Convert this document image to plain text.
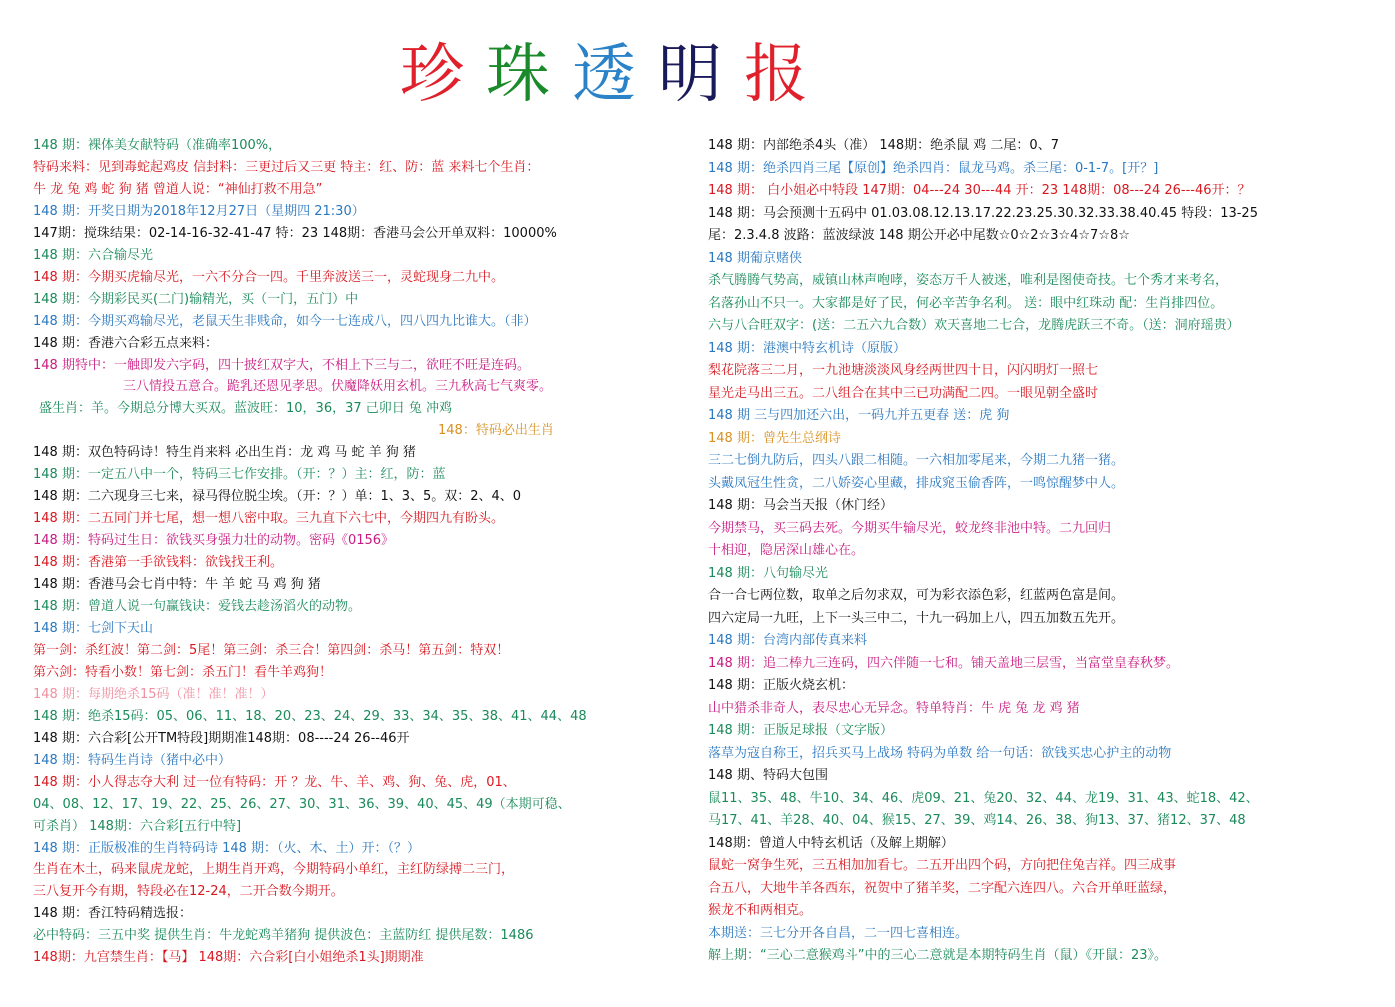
珍 珠 透 明 报
148 期：裸体美女献特码（准确率100%，
特码来料：见到毒蛇起鸡皮 信封料：三更过后又三更 特主：红、防：蓝 来料七个生肖：
牛 龙 兔 鸡 蛇 狗 猪 曾道人说：“神仙打救不用急”
148 期：开奖日期为2018年12月27日（星期四 21:30）
147期：搅珠结果：02-14-16-32-41-47 特：23 148期：香港马会公开单双料：10000%
148 期：六合输尽光
148 期：今期买虎输尽光，一六不分合一四。千里奔波送三一，灵蛇现身二九中。
148 期：今期彩民买(二门)输精光，买（一门，五门）中
148 期：今期买鸡输尽光，老鼠天生非贱命，如今一七连成八，四八四九比谁大。（非）
148 期：香港六合彩五点来料：
148 期特中：一触即发六字码，四十披红双字大，不相上下三与二，欲旺不旺是连码。
三八情投五意合。跪乳还恩见孝思。伏魔降妖用玄机。三九秋高七气爽零。
盛生肖：羊。今期总分博大买双。蓝波旺：10，36，37 己卯日 兔 冲鸡
148：特码必出生肖
148 期：双色特码诗！特生肖来料 必出生肖：龙 鸡 马 蛇 羊 狗 猪
148 期：一定五八中一个，特码三七作安排。（开：？）主：红，防：蓝
148 期：二六现身三七来，禄马得位脱尘埃。（开：？）单：1、3、5。双：2、4、0
148 期：二五同门并七尾，想一想八密中取。三九直下六七中，今期四九有盼头。
148 期：特码过生日：欲钱买身强力壮的动物。密码《0156》
148 期：香港第一手欲钱料：欲钱找王利。
148 期：香港马会七肖中特：牛 羊 蛇 马 鸡 狗 猪
148 期：曾道人说一句赢钱诀：爱钱去趁汤滔火的动物。
148 期：七剑下天山
第一剑：杀红波！第二剑：5尾！第三剑：杀三合！第四剑：杀马！第五剑：特双！
第六剑：特看小数！第七剑：杀五门！看牛羊鸡狗！
148 期：每期绝杀15码（准！准！准！）
148 期：绝杀15码：05、06、11、18、20、23、24、29、33、34、35、38、41、44、48
148 期：六合彩[公开TM特段]期期准148期：08----24 26--46开
148 期：特码生肖诗（猪中必中）
148 期：小人得志夺大利 过一位有特码：开 ？龙、牛、羊、鸡、狗、兔、虎，01、
04、08、12、17、19、22、25、26、27、30、31、36、39、40、45、49（本期可稳、
可杀肖） 148期：六合彩[五行中特]
148 期：正版极准的生肖特码诗 148 期：（火、木、土）开：（？）
生肖在木土，码来鼠虎龙蛇，上期生肖开鸡，今期特码小单红，主红防绿搏二三门，
三八复开今有期，特段必在12-24，二开合数今期开。
148 期：香江特码精选报：
必中特码：三五中奖 提供生肖：牛龙蛇鸡羊猪狗 提供波色：主蓝防红 提供尾数：1486
148期：九宫禁生肖：【马】 148期：六合彩[白小姐绝杀1头]期期准
148 期：内部绝杀4头（准） 148期：绝杀鼠 鸡 二尾：0、7
148 期：绝杀四肖三尾【原创】绝杀四肖：鼠龙马鸡。杀三尾：0-1-7。[开？]
148 期： 白小姐必中特段 147期：04---24 30---44 开：23 148期：08---24 26---46开：？
148 期：马会预测十五码中 01.03.08.12.13.17.22.23.25.30.32.33.38.40.45 特段：13-25
尾：2.3.4.8 波路：蓝波绿波 148 期公开必中尾数☆0☆2☆3☆4☆7☆8☆
148 期葡京赌侠
杀气腾腾气势高，威镇山林声咆哮，姿态万千人被迷，唯利是图使奇技。七个秀才来考名，
名落孙山不只一。大家都是好了民，何必辛苦争名利。 送：眼中红珠动 配：生肖排四位。
六与八合旺双字：(送：二五六九合数）欢天喜地二七合，龙腾虎跃三不奇。（送：洞府瑶贵）
148 期：港澳中特玄机诗（原版）
梨花院落三二月，一九池塘淡淡风身经两世四十日，闪闪明灯一照七
星光走马出三五。二八组合在其中三已功满配二四。一眼见朝全盛时
148 期 三与四加还六出，一码九并五更春 送：虎 狗
148 期：曾先生总纲诗
三二七倒九防后，四头八跟二相随。一六相加零尾来，今期二九猪一猪。
头戴凤冠生性贪，二八娇姿心里藏，排成窕玉偷香阵，一鸣惊醒梦中人。
148 期：马会当天报（休门经）
今期禁马，买三码去死。今期买牛输尽光，蛟龙终非池中特。二九回归
十相迎，隐居深山雄心在。
148 期：八句输尽光
合一合七两位数，取单之后勿求双，可为彩衣添色彩，红蓝两色富是间。
四六定局一九旺，上下一头三中二，十九一码加上八，四五加数五先开。
148 期：台湾内部传真来料
148 期：追二棒九三连码，四六伴随一七和。铺天盖地三层雪，当富堂皇春秋梦。
148 期：正版火烧玄机：
山中猎杀非奇人，表尽忠心无异念。特单特肖：牛 虎 兔 龙 鸡 猪
148 期：正版足球报（文字版）
落草为寇自称王，招兵买马上战场 特码为单数 给一句话：欲钱买忠心护主的动物
148 期、特码大包围
鼠11、35、48、牛10、34、46、虎09、21、兔20、32、44、龙19、31、43、蛇18、42、
马17、41、羊28、40、04、猴15、27、39、鸡14、26、38、狗13、37、猪12、37、48
148期：曾道人中特玄机话（及解上期解）
鼠蛇一窝争生死，三五相加加看七。二五开出四个码，方向把住兔吉祥。四三成事
合五八，大地牛羊各西东，祝贺中了猪羊奖，二字配六连四八。六合开单旺蓝绿，
猴龙不和两相克。
本期送：三七分开各自昌，二一四七喜相连。
解上期：“三心二意猴鸡斗”中的三心二意就是本期特码生肖（鼠）《开鼠：23》。
